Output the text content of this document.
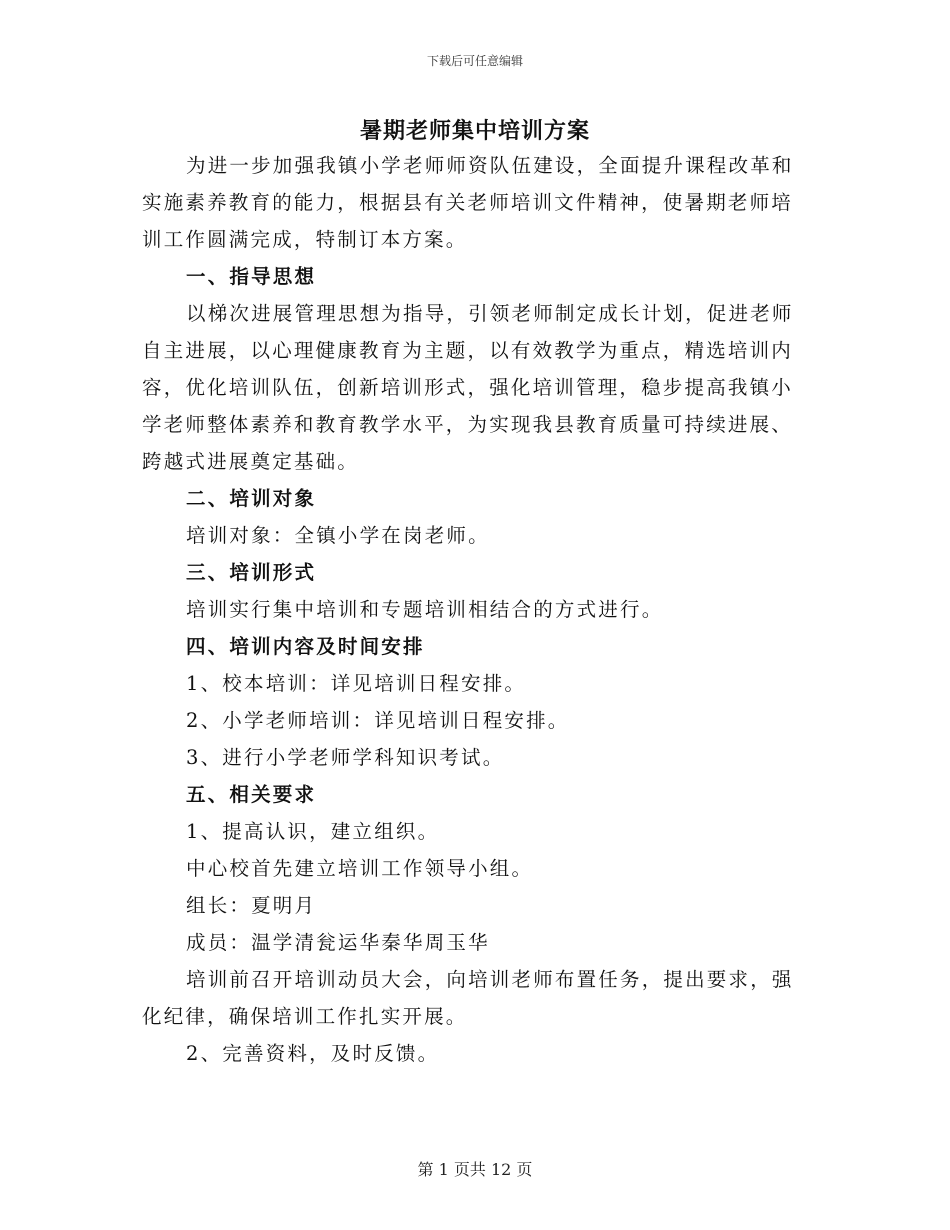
下载后可任意编辑
暑期老师集中培训方案

为进一步加强我镇小学老师师资队伍建设，全面提升课程改革和实施素养教育的能力，根据县有关老师培训文件精神，使暑期老师培训工作圆满完成，特制订本方案。

一、指导思想

以梯次进展管理思想为指导，引领老师制定成长计划，促进老师自主进展，以心理健康教育为主题，以有效教学为重点，精选培训内容，优化培训队伍，创新培训形式，强化培训管理，稳步提高我镇小学老师整体素养和教育教学水平，为实现我县教育质量可持续进展、跨越式进展奠定基础。

二、培训对象

培训对象：全镇小学在岗老师。

三、培训形式

培训实行集中培训和专题培训相结合的方式进行。

四、培训内容及时间安排

1、校本培训：详见培训日程安排。

2、小学老师培训：详见培训日程安排。

3、进行小学老师学科知识考试。

五、相关要求

1、提高认识，建立组织。

中心校首先建立培训工作领导小组。

组长：夏明月

成员：温学清瓮运华秦华周玉华

培训前召开培训动员大会，向培训老师布置任务，提出要求，强化纪律，确保培训工作扎实开展。

2、完善资料，及时反馈。

第 1 页共 12 页
